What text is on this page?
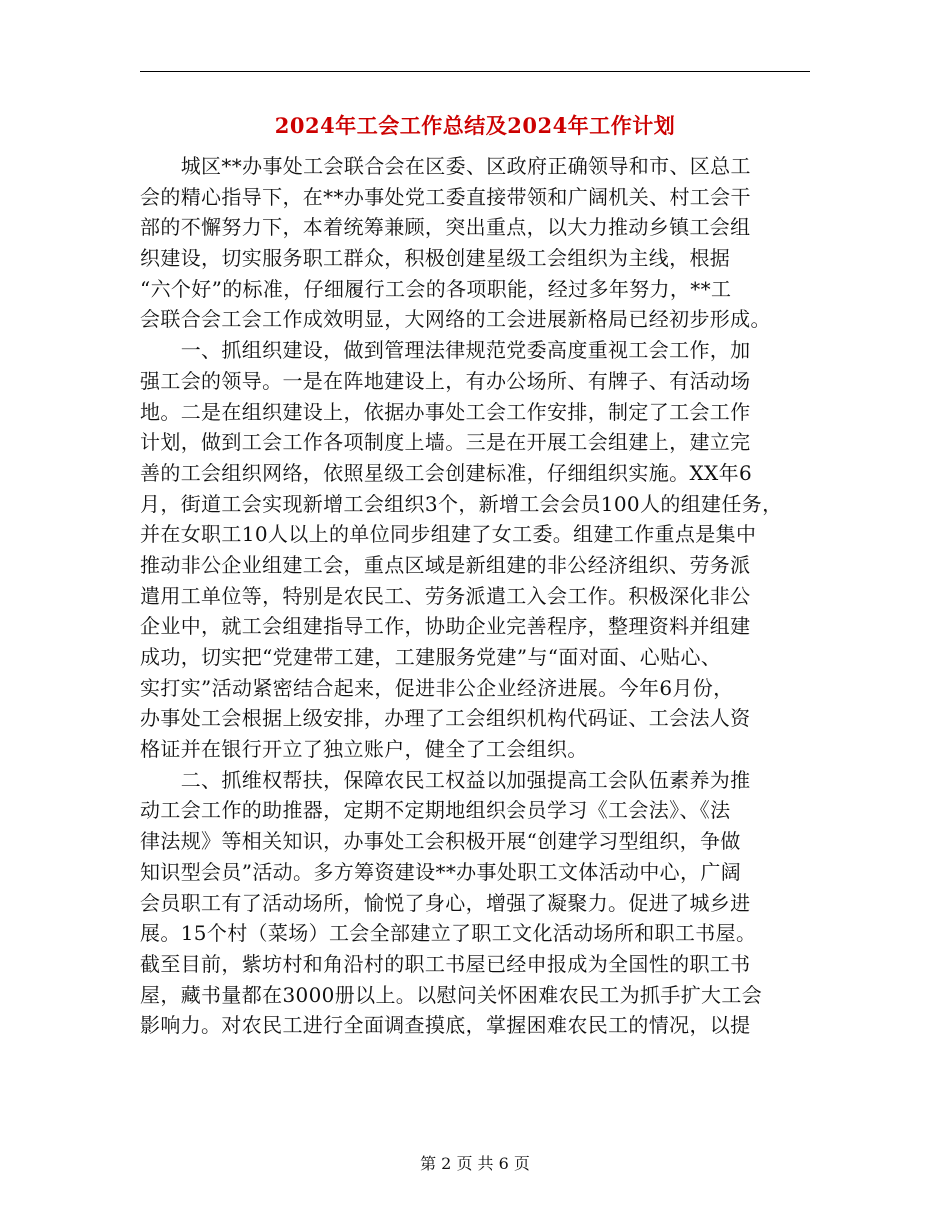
2024年工会工作总结及2024年工作计划
　　城区**办事处工会联合会在区委、区政府正确领导和市、区总工
会的精心指导下，在**办事处党工委直接带领和广阔机关、村工会干
部的不懈努力下，本着统筹兼顾，突出重点，以大力推动乡镇工会组
织建设，切实服务职工群众，积极创建星级工会组织为主线，根据
“六个好”的标准，仔细履行工会的各项职能，经过多年努力，**工
会联合会工会工作成效明显，大网络的工会进展新格局已经初步形成。
　　一、抓组织建设，做到管理法律规范党委高度重视工会工作，加
强工会的领导。一是在阵地建设上，有办公场所、有牌子、有活动场
地。二是在组织建设上，依据办事处工会工作安排，制定了工会工作
计划，做到工会工作各项制度上墙。三是在开展工会组建上，建立完
善的工会组织网络，依照星级工会创建标准，仔细组织实施。XX年6
月，街道工会实现新增工会组织3个，新增工会会员100人的组建任务，
并在女职工10人以上的单位同步组建了女工委。组建工作重点是集中
推动非公企业组建工会，重点区域是新组建的非公经济组织、劳务派
遣用工单位等，特别是农民工、劳务派遣工入会工作。积极深化非公
企业中，就工会组建指导工作，协助企业完善程序，整理资料并组建
成功，切实把“党建带工建，工建服务党建”与“面对面、心贴心、
实打实”活动紧密结合起来，促进非公企业经济进展。今年6月份，
办事处工会根据上级安排，办理了工会组织机构代码证、工会法人资
格证并在银行开立了独立账户，健全了工会组织。
　　二、抓维权帮扶，保障农民工权益以加强提高工会队伍素养为推
动工会工作的助推器，定期不定期地组织会员学习《工会法》、《法
律法规》等相关知识，办事处工会积极开展“创建学习型组织，争做
知识型会员”活动。多方筹资建设**办事处职工文体活动中心，广阔
会员职工有了活动场所，愉悦了身心，增强了凝聚力。促进了城乡进
展。15个村（菜场）工会全部建立了职工文化活动场所和职工书屋。
截至目前，紫坊村和角沿村的职工书屋已经申报成为全国性的职工书
屋，藏书量都在3000册以上。以慰问关怀困难农民工为抓手扩大工会
影响力。对农民工进行全面调查摸底，掌握困难农民工的情况，以提
第 2 页 共 6 页
